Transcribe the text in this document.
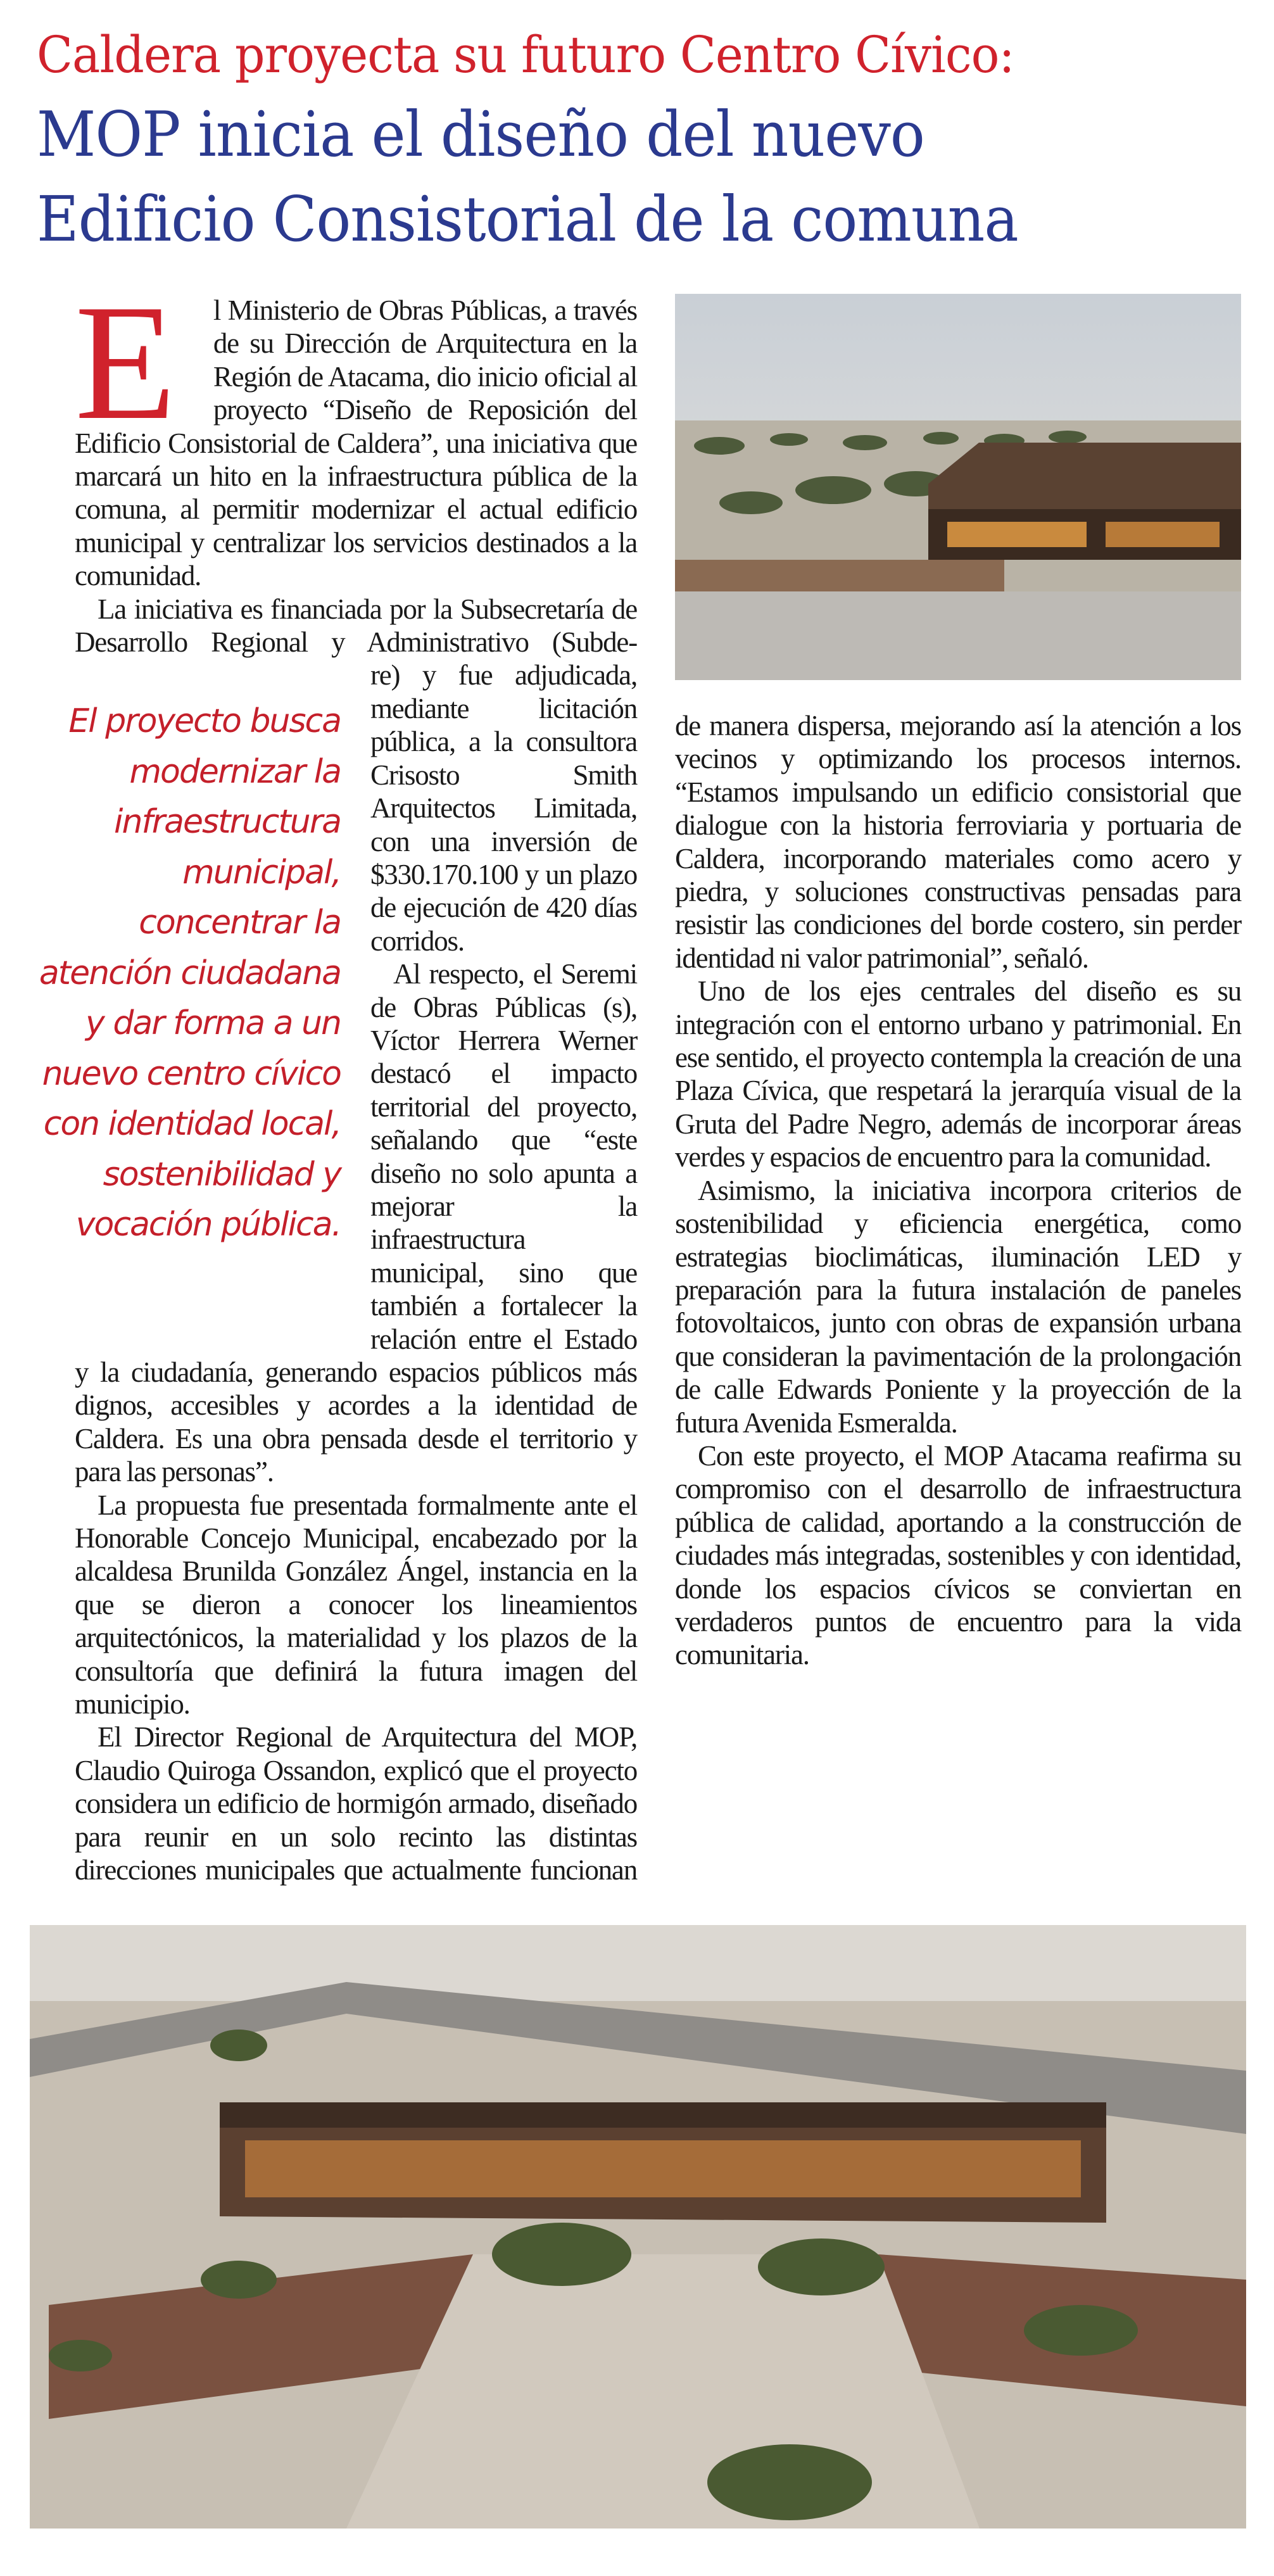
Caldera proyecta su futuro Centro Cívico:
MOP inicia el diseño del nuevo
Edificio Consistorial de la comuna
E	l Ministerio de Obras Públicas, a través de su Dirección de Arquitectura en la Región de Atacama, dio inicio oficial al proyecto “Diseño de Reposición del Edificio Consistorial de Caldera”, una iniciativa que marcará un hito en la infraestructura pública de la comuna, al permitir modernizar el actual edificio municipal y centralizar los servicios destinados a la comunidad.

La iniciativa es financiada por la Subsecretaría de Desarrollo Regional y Administrativo (Subde-

El proyecto busca modernizar la infraestructura municipal, concentrar la atención ciudadana y dar forma a un nuevo centro cívico con identidad local, sostenibilidad y vocación pública.

re) y fue adjudicada, mediante licitación pública, a la consultora Crisosto Smith Arquitectos Limitada, con una inversión de $330.170.100 y un plazo de ejecución de 420 días corridos.

Al respecto, el Seremi de Obras Públicas (s), Víctor Herrera Werner destacó el impacto territorial del proyecto, señalando que “este diseño no solo apunta a mejorar la infraestructura municipal, sino que también a fortalecer la relación entre el Estado

y la ciudadanía, generando espacios públicos más dignos, accesibles y acordes a la identidad de Caldera. Es una obra pensada desde el territorio y para las personas”.

La propuesta fue presentada formalmente ante el Honorable Concejo Municipal, encabezado por la alcaldesa Brunilda González Ángel, instancia en la que se dieron a conocer los lineamientos arquitectónicos, la materialidad y los plazos de la consultoría que definirá la futura imagen del municipio.

El Director Regional de Arquitectura del MOP, Claudio Quiroga Ossandon, explicó que el proyecto considera un edificio de hormigón armado, diseñado para reunir en un solo recinto las distintas direcciones municipales que actualmente funcionan

de manera dispersa, mejorando así la atención a los vecinos y optimizando los procesos internos. “Estamos impulsando un edificio consistorial que dialogue con la historia ferroviaria y portuaria de Caldera, incorporando materiales como acero y piedra, y soluciones constructivas pensadas para resistir las condiciones del borde costero, sin perder identidad ni valor patrimonial”, señaló.

Uno de los ejes centrales del diseño es su integración con el entorno urbano y patrimonial. En ese sentido, el proyecto contempla la creación de una Plaza Cívica, que respetará la jerarquía visual de la Gruta del Padre Negro, además de incorporar áreas verdes y espacios de encuentro para la comunidad.

Asimismo, la iniciativa incorpora criterios de sostenibilidad y eficiencia energética, como estrategias bioclimáticas, iluminación LED y preparación para la futura instalación de paneles fotovoltaicos, junto con obras de expansión urbana que consideran la pavimentación de la prolongación de calle Edwards Poniente y la proyección de la futura Avenida Esmeralda.

Con este proyecto, el MOP Atacama reafirma su compromiso con el desarrollo de infraestructura pública de calidad, aportando a la construcción de ciudades más integradas, sostenibles y con identidad, donde los espacios cívicos se conviertan en verdaderos puntos de encuentro para la vida comunitaria.
